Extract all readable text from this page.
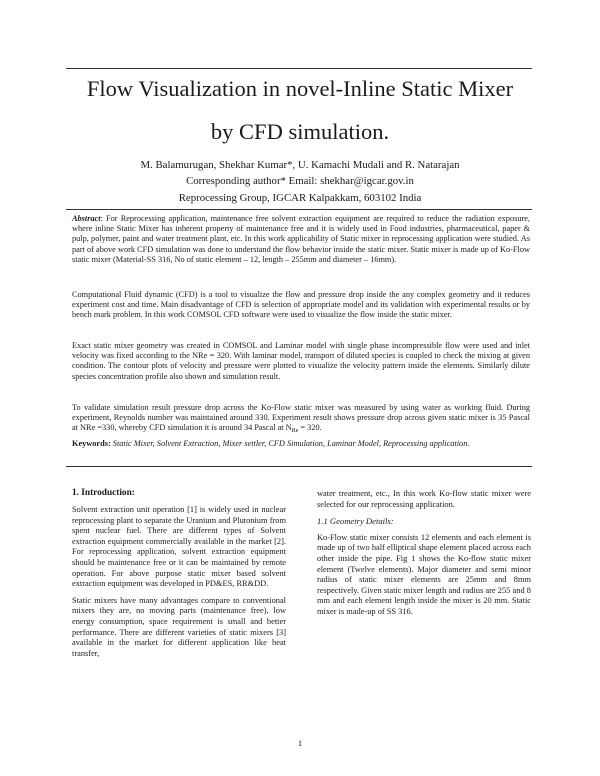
Flow Visualization in novel-Inline Static Mixer
by CFD simulation.
M. Balamurugan, Shekhar Kumar*, U. Kamachi Mudali and R. Natarajan
Corresponding author* Email: shekhar@igcar.gov.in
Reprocessing Group, IGCAR Kalpakkam, 603102 India

Abstract: For Reprocessing application, maintenance free solvent extraction equipment are required to reduce the radiation exposure, where inline Static Mixer has inherent property of maintenance free and it is widely used in Food industries, pharmaceutical, paper & pulp, polymer, paint and water treatment plant, etc. In this work applicability of Static mixer in reprocessing application were studied. As part of above work CFD simulation was done to understand the flow behavior inside the static mixer. Static mixer is made up of Ko-Flow static mixer (Material-SS 316, No of static element – 12, length – 255mm and diameter – 16mm).

Computational Fluid dynamic (CFD) is a tool to visualize the flow and pressure drop inside the any complex geometry and it reduces experiment cost and time. Main disadvantage of CFD is selection of appropriate model and its validation with experimental results or by bench mark problem. In this work COMSOL CFD software were used to visualize the flow inside the static mixer.

Exact static mixer geometry was created in COMSOL and Laminar model with single phase incompressible flow were used and inlet velocity was fixed according to the NRe = 320. With laminar model, transport of diluted species is coupled to check the mixing at given condition. The contour plots of velocity and pressure were plotted to visualize the velocity pattern inside the elements. Similarly dilute species concentration profile also shown and simulation result.

To validate simulation result pressure drop across the Ko-Flow static mixer was measured by using water as working fluid. During experiment, Reynolds number was maintained around 330. Experiment result shows pressure drop across given static mixer is 35 Pascal at NRe =330, whereby CFD simulation it is around 34 Pascal at $N_{Re} = 320$.

Keywords: Static Mixer, Solvent Extraction, Mixer settler, CFD Simulation, Laminar Model, Reprocessing application.

1. Introduction:

Solvent extraction unit operation [1] is widely used in nuclear reprocessing plant to separate the Uranium and Plutonium from spent nuclear fuel. There are different types of Solvent extraction equipment commercially available in the market [2]. For reprocessing application, solvent extraction equipment should be maintenance free or it can be maintained by remote operation. For above purpose static mixer based solvent extraction equipment was developed in PD&ES, RR&DD.

Static mixers have many advantages compare to conventional mixers they are, no moving parts (maintenance free), low energy consumption, space requirement is small and better performance. There are different varieties of static mixers [3] available in the market for different application like heat transfer,

water treatment, etc., In this work Ko-flow static mixer were selected for our reprocessing application.

1.1 Geometry Details:

Ko-Flow static mixer consists 12 elements and each element is made up of two half elliptical shape element placed across each other inside the pipe. Fig 1 shows the Ko-flow static mixer element (Twelve elements). Major diameter and semi minor radius of static mixer elements are 25mm and 8mm respectively. Given static mixer length and radius are 255 and 8 mm and each element length inside the mixer is 20 mm. Static mixer is made-up of SS 316.

1
